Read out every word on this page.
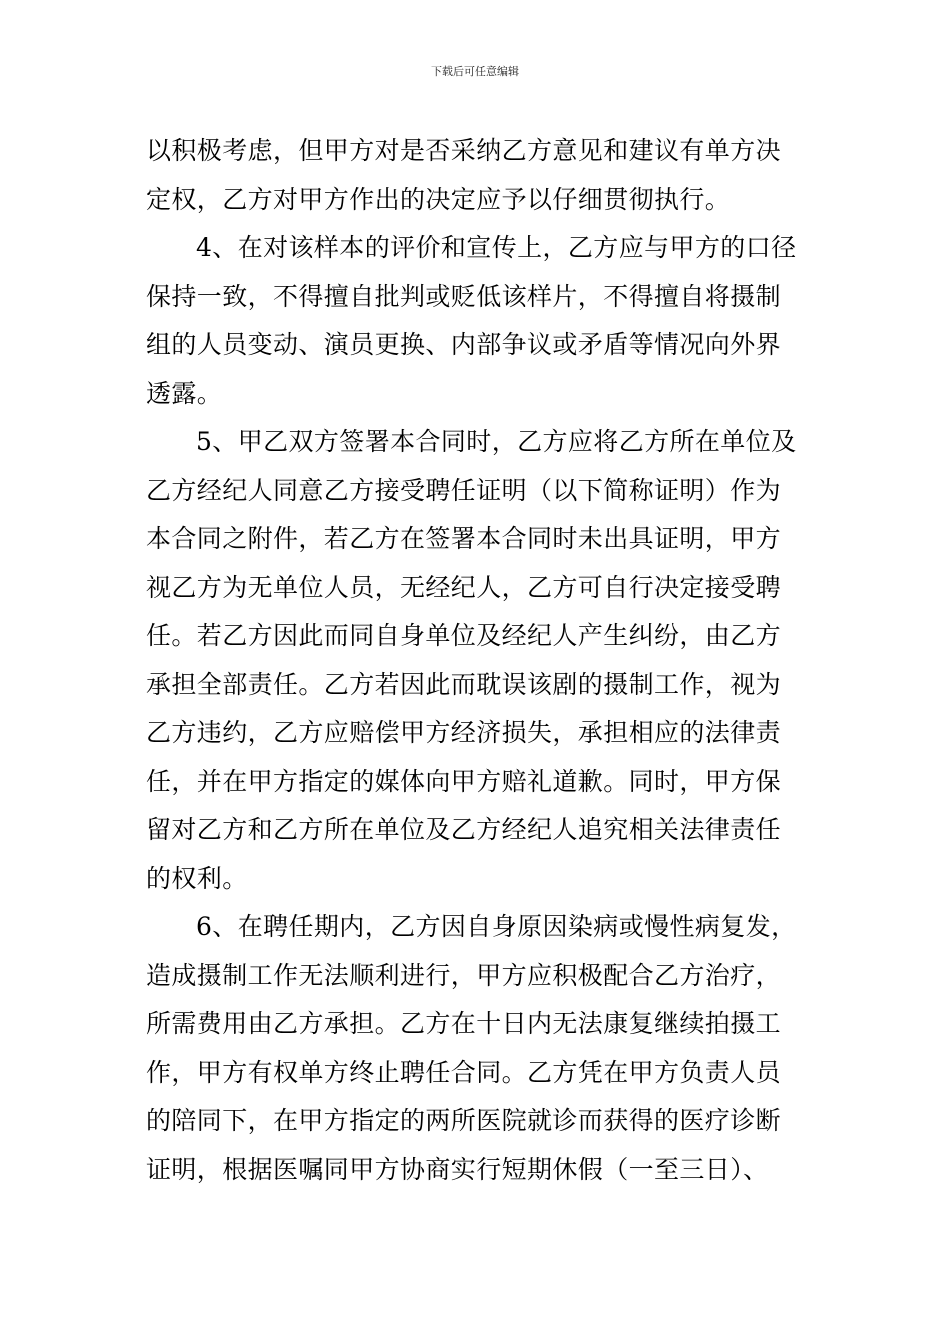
下载后可任意编辑
以积极考虑，但甲方对是否采纳乙方意见和建议有单方决
定权，乙方对甲方作出的决定应予以仔细贯彻执行。
4、在对该样本的评价和宣传上，乙方应与甲方的口径
保持一致，不得擅自批判或贬低该样片，不得擅自将摄制
组的人员变动、演员更换、内部争议或矛盾等情况向外界
透露。
5、甲乙双方签署本合同时，乙方应将乙方所在单位及
乙方经纪人同意乙方接受聘任证明（以下简称证明）作为
本合同之附件，若乙方在签署本合同时未出具证明，甲方
视乙方为无单位人员，无经纪人，乙方可自行决定接受聘
任。若乙方因此而同自身单位及经纪人产生纠纷，由乙方
承担全部责任。乙方若因此而耽误该剧的摄制工作，视为
乙方违约，乙方应赔偿甲方经济损失，承担相应的法律责
任，并在甲方指定的媒体向甲方赔礼道歉。同时，甲方保
留对乙方和乙方所在单位及乙方经纪人追究相关法律责任
的权利。
6、在聘任期内，乙方因自身原因染病或慢性病复发，
造成摄制工作无法顺利进行，甲方应积极配合乙方治疗，
所需费用由乙方承担。乙方在十日内无法康复继续拍摄工
作，甲方有权单方终止聘任合同。乙方凭在甲方负责人员
的陪同下，在甲方指定的两所医院就诊而获得的医疗诊断
证明，根据医嘱同甲方协商实行短期休假（一至三日）、
